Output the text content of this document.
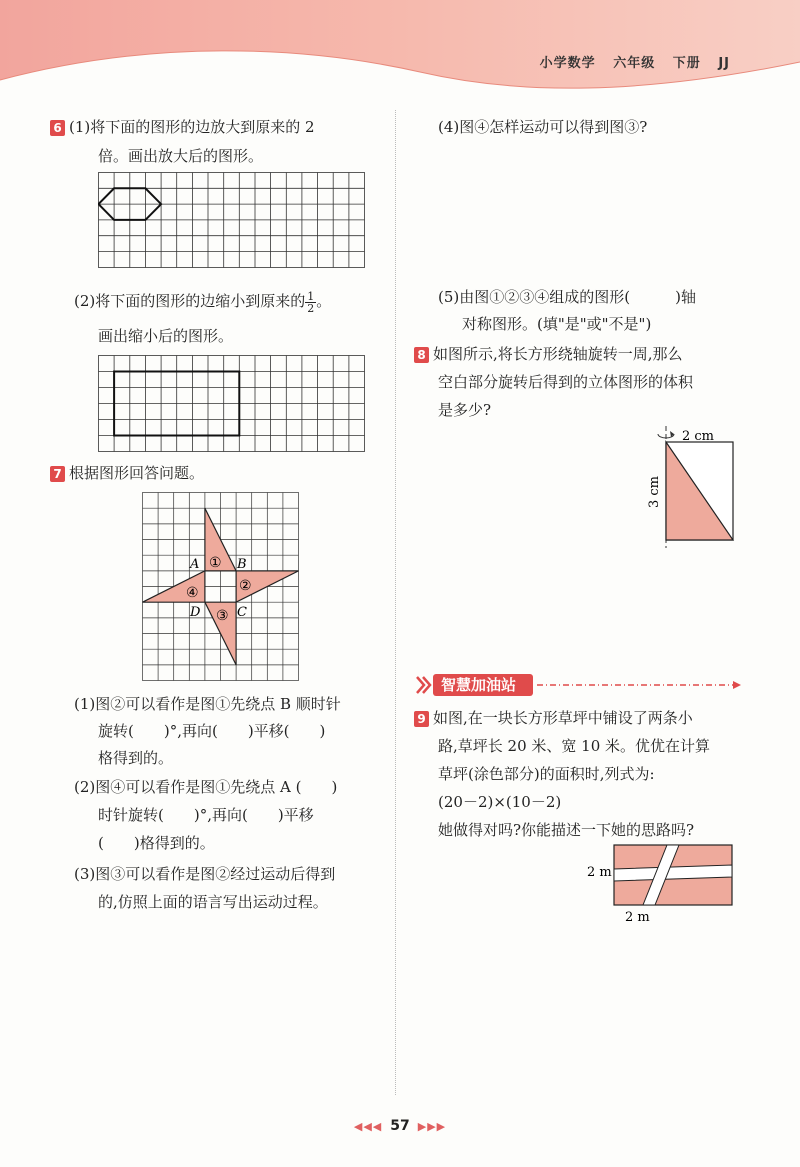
小学数学 六年级 下册 JJ
6 (1)将下面的图形的边放大到原来的 2
倍。画出放大后的图形。
(2)将下面的图形的边缩小到原来的 $\frac{1}{2}$ 。
画出缩小后的图形。
7 根据图形回答问题。
A	B
C
D
①
②
③
④
(1)图②可以看作是图①先绕点 B 顺时针
旋转(　　)°,再向(　　)平移(　　)
格得到的。
(2)图④可以看作是图①先绕点 A (　　)
时针旋转(　　)°,再向(　　)平移
(　　)格得到的。
(3)图③可以看作是图②经过运动后得到
的,仿照上面的语言写出运动过程。
(4)图④怎样运动可以得到图③?
(5)由图①②③④组成的图形(　　　)轴
对称图形。(填"是"或"不是")
8 如图所示,将长方形绕轴旋转一周,那么
空白部分旋转后得到的立体图形的体积
是多少?
2 cm
3 cm
智慧加油站
9 如图,在一块长方形草坪中铺设了两条小
路,草坪长 20 米、宽 10 米。优优在计算
草坪(涂色部分)的面积时,列式为:
(20－2)×(10－2)
她做得对吗?你能描述一下她的思路吗?
2 m
2 m
◀◀◀ 57 ▶▶▶
